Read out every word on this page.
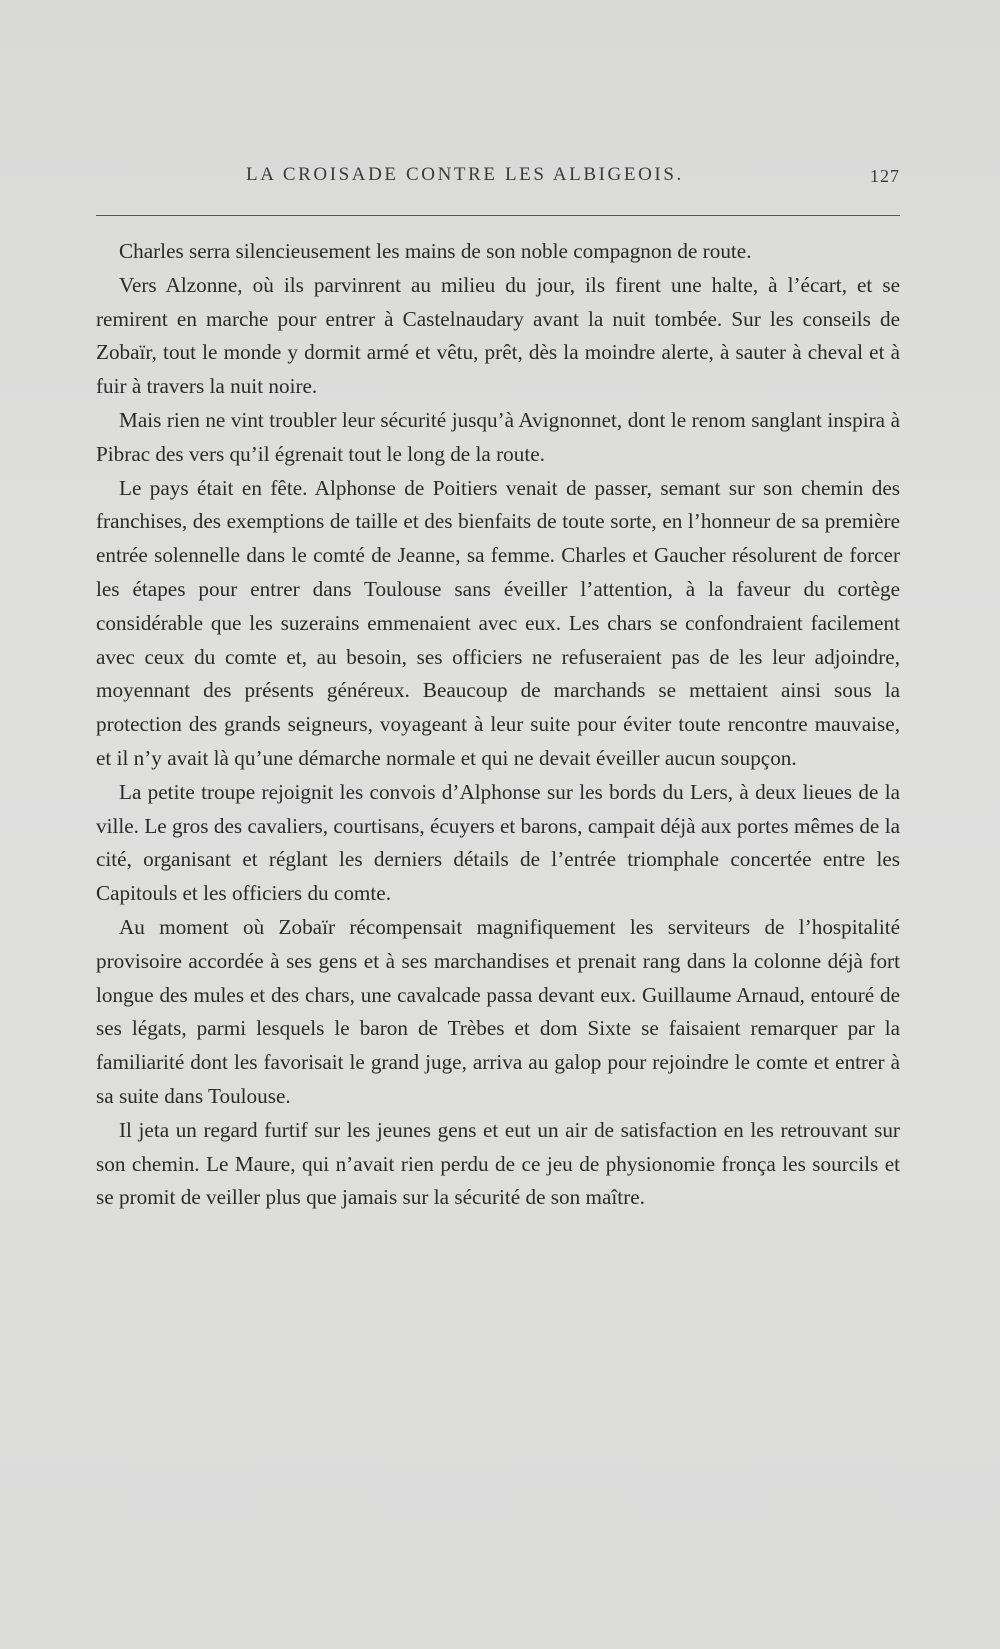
LA CROISADE CONTRE LES ALBIGEOIS.	127

Charles serra silencieusement les mains de son noble compagnon de route.

Vers Alzonne, où ils parvinrent au milieu du jour, ils firent une halte, à l’écart, et se remirent en marche pour entrer à Castelnaudary avant la nuit tombée. Sur les conseils de Zobaïr, tout le monde y dormit armé et vêtu, prêt, dès la moindre alerte, à sauter à cheval et à fuir à travers la nuit noire.

Mais rien ne vint troubler leur sécurité jusqu’à Avignonnet, dont le renom sanglant inspira à Pibrac des vers qu’il égrenait tout le long de la route.

Le pays était en fête. Alphonse de Poitiers venait de passer, semant sur son chemin des franchises, des exemptions de taille et des bienfaits de toute sorte, en l’honneur de sa première entrée solennelle dans le comté de Jeanne, sa femme. Charles et Gaucher résolurent de forcer les étapes pour entrer dans Toulouse sans éveiller l’attention, à la faveur du cortège considérable que les suzerains emmenaient avec eux. Les chars se confondraient facilement avec ceux du comte et, au besoin, ses officiers ne refuseraient pas de les leur adjoindre, moyennant des présents généreux. Beaucoup de marchands se mettaient ainsi sous la protection des grands seigneurs, voyageant à leur suite pour éviter toute rencontre mauvaise, et il n’y avait là qu’une démarche normale et qui ne devait éveiller aucun soupçon.

La petite troupe rejoignit les convois d’Alphonse sur les bords du Lers, à deux lieues de la ville. Le gros des cavaliers, courtisans, écuyers et barons, campait déjà aux portes mêmes de la cité, organisant et réglant les derniers détails de l’entrée triomphale concertée entre les Capitouls et les officiers du comte.

Au moment où Zobaïr récompensait magnifiquement les serviteurs de l’hospitalité provisoire accordée à ses gens et à ses marchandises et prenait rang dans la colonne déjà fort longue des mules et des chars, une cavalcade passa devant eux. Guillaume Arnaud, entouré de ses légats, parmi lesquels le baron de Trèbes et dom Sixte se faisaient remarquer par la familiarité dont les favorisait le grand juge, arriva au galop pour rejoindre le comte et entrer à sa suite dans Toulouse.

Il jeta un regard furtif sur les jeunes gens et eut un air de satisfaction en les retrouvant sur son chemin. Le Maure, qui n’avait rien perdu de ce jeu de physionomie fronça les sourcils et se promit de veiller plus que jamais sur la sécurité de son maître.
